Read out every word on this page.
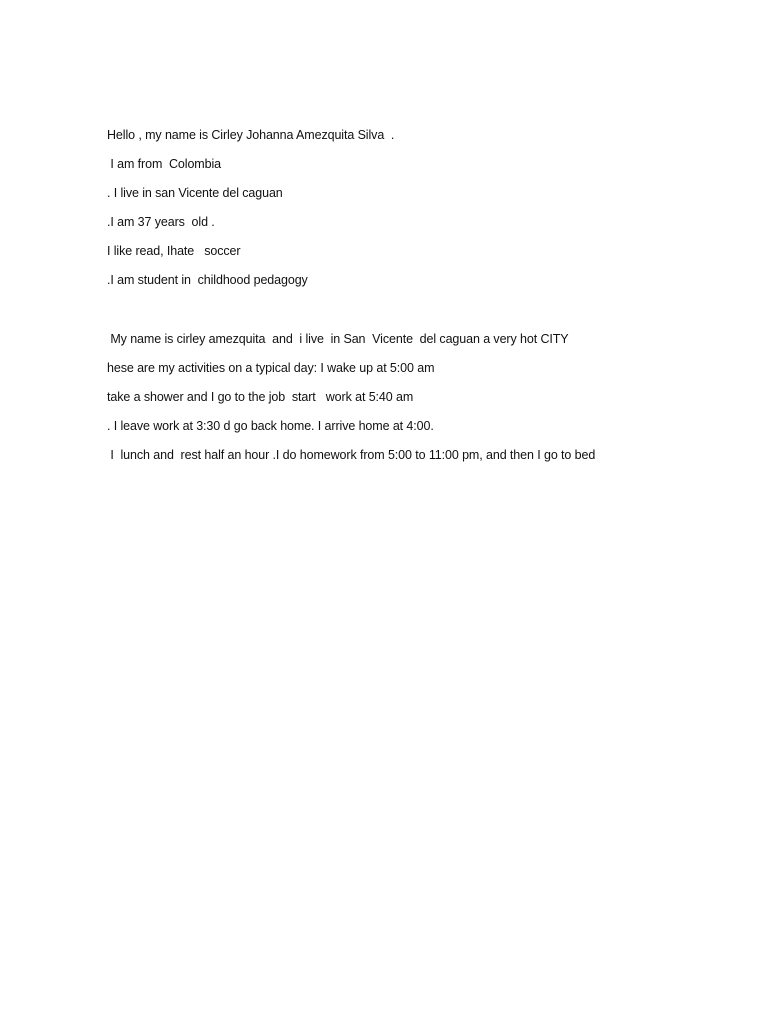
Hello , my name is Cirley Johanna Amezquita Silva  .
I am from  Colombia
. I live in san Vicente del caguan
.I am 37 years  old .
I like read, Ihate   soccer
.I am student in  childhood pedagogy
My name is cirley amezquita  and  i live  in San  Vicente  del caguan a very hot CITY
hese are my activities on a typical day: I wake up at 5:00 am
take a shower and I go to the job  start   work at 5:40 am
. I leave work at 3:30 d go back home. I arrive home at 4:00.
I  lunch and  rest half an hour .I do homework from 5:00 to 11:00 pm, and then I go to bed
